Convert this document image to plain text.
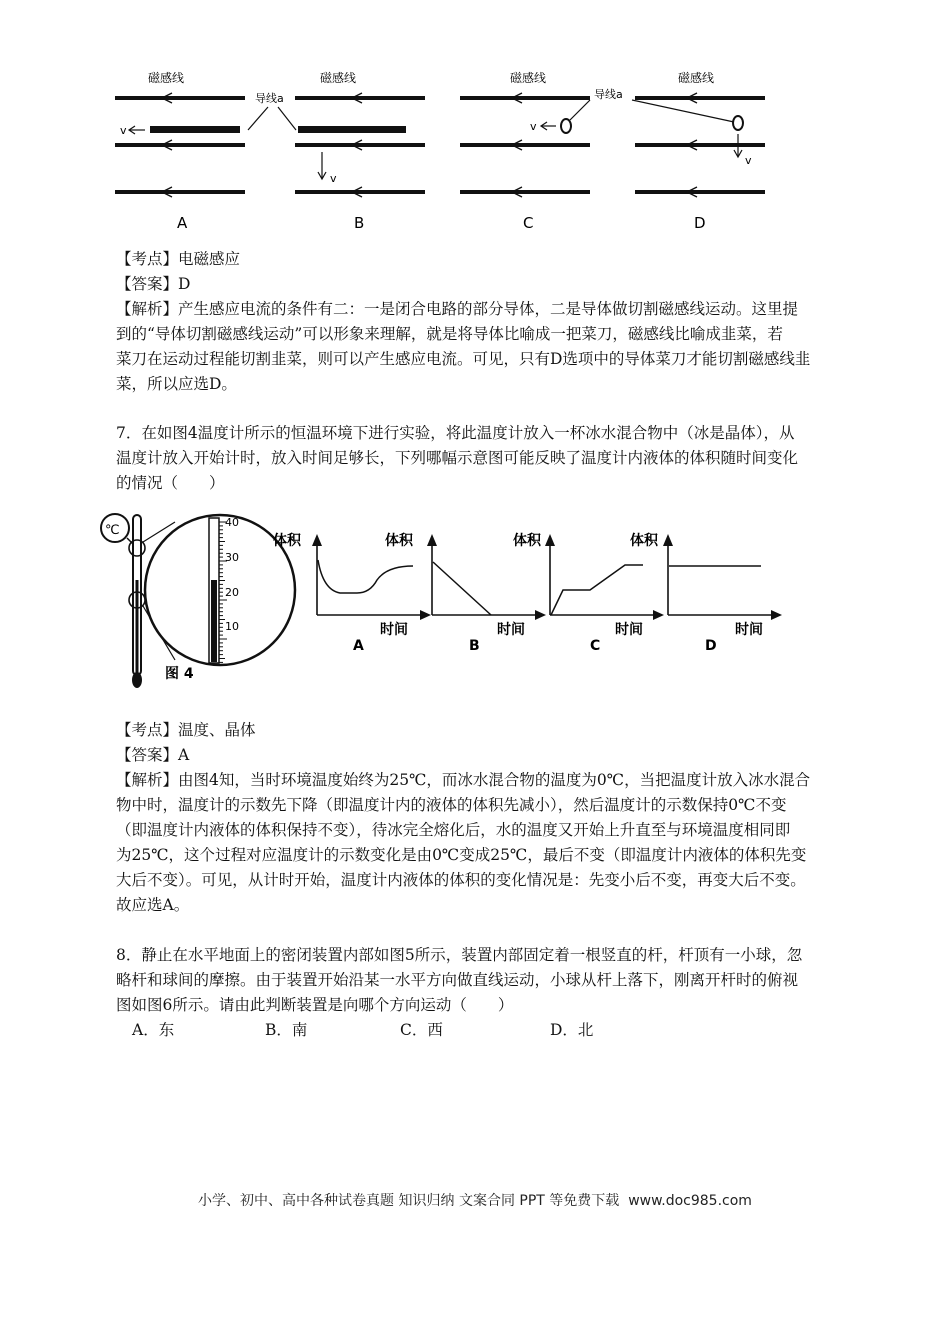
v
磁感线
导线a
v
磁感线
v
磁感线
导线a
v
磁感线
A	B	C	D
【考点】电磁感应
【答案】D
【解析】产生感应电流的条件有二：一是闭合电路的部分导体，二是导体做切割磁感线运动。这里提
到的“导体切割磁感线运动”可以形象来理解，就是将导体比喻成一把菜刀，磁感线比喻成韭菜，若
菜刀在运动过程能切割韭菜，则可以产生感应电流。可见，只有D选项中的导体菜刀才能切割磁感线韭
菜，所以应选D。
7．在如图4温度计所示的恒温环境下进行实验，将此温度计放入一杯冰水混合物中（冰是晶体），从
温度计放入开始计时，放入时间足够长，下列哪幅示意图可能反映了温度计内液体的体积随时间变化
的情况（　　）
℃
40
30
20
10
图 4
体积	体积
时间
A
体积
时间
B
体积
时间
C
时间
D
【考点】温度、晶体
【答案】A
【解析】由图4知，当时环境温度始终为25℃，而冰水混合物的温度为0℃，当把温度计放入冰水混合
物中时，温度计的示数先下降（即温度计内的液体的体积先减小），然后温度计的示数保持0℃不变
（即温度计内液体的体积保持不变），待冰完全熔化后，水的温度又开始上升直至与环境温度相同即
为25℃，这个过程对应温度计的示数变化是由0℃变成25℃，最后不变（即温度计内液体的体积先变
大后不变）。可见，从计时开始，温度计内液体的体积的变化情况是：先变小后不变，再变大后不变。
故应选A。
8．静止在水平地面上的密闭装置内部如图5所示，装置内部固定着一根竖直的杆，杆顶有一小球，忽
略杆和球间的摩擦。由于装置开始沿某一水平方向做直线运动，小球从杆上落下，刚离开杆时的俯视
图如图6所示。请由此判断装置是向哪个方向运动（　　）
A．东	B．南	C．西	D．北
小学、初中、高中各种试卷真题 知识归纳 文案合同 PPT 等免费下载 www.doc985.com
